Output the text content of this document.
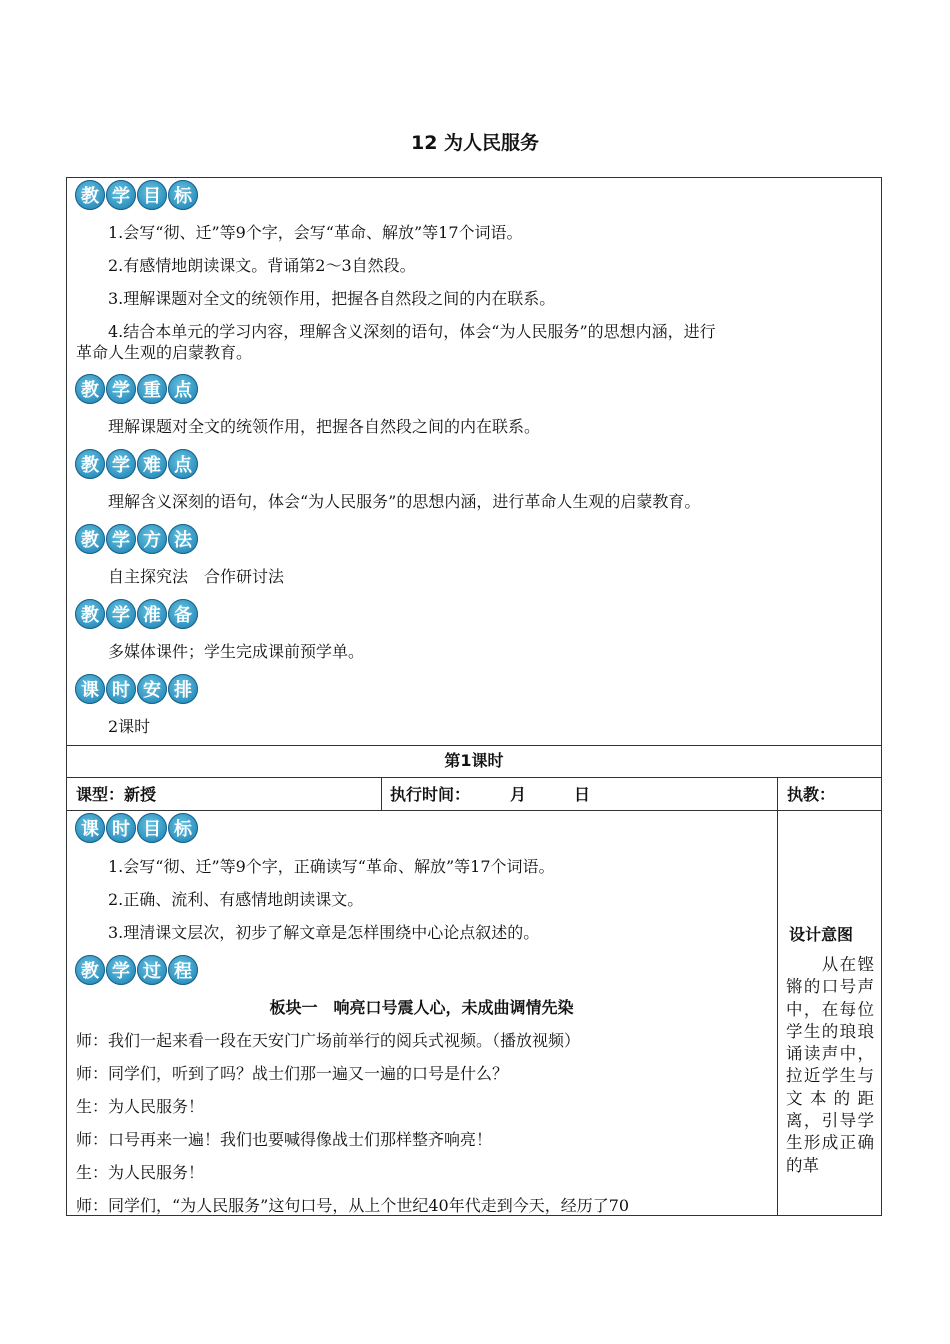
12 为人民服务
教 学 目 标
1.会写“彻、迁”等9个字，会写“革命、解放”等17个词语。
2.有感情地朗读课文。背诵第2～3自然段。
3.理解课题对全文的统领作用，把握各自然段之间的内在联系。
4.结合本单元的学习内容，理解含义深刻的语句，体会“为人民服务”的思想内涵，进行
革命人生观的启蒙教育。
教 学 重 点
理解课题对全文的统领作用，把握各自然段之间的内在联系。
教 学 难 点
理解含义深刻的语句，体会“为人民服务”的思想内涵，进行革命人生观的启蒙教育。
教 学 方 法
自主探究法　合作研讨法
教 学 准 备
多媒体课件；学生完成课前预学单。
课 时 安 排
2课时
第1课时
课型：新授	执行时间：　　　月　　　日	执教：
课 时 目 标
1.会写“彻、迁”等9个字，正确读写“革命、解放”等17个词语。
2.正确、流利、有感情地朗读课文。
3.理清课文层次，初步了解文章是怎样围绕中心论点叙述的。
教 学 过 程
板块一　响亮口号震人心，未成曲调情先染
师：我们一起来看一段在天安门广场前举行的阅兵式视频。（播放视频）
师：同学们，听到了吗？战士们那一遍又一遍的口号是什么？
生：为人民服务！
师：口号再来一遍！我们也要喊得像战士们那样整齐响亮！
生：为人民服务！
师：同学们，“为人民服务”这句口号，从上个世纪40年代走到今天，经历了70
设计意图
　　从在铿锵的口号声中，在每位学生的琅琅诵读声中，拉近学生与文本的距离，引导学生形成正确的革
